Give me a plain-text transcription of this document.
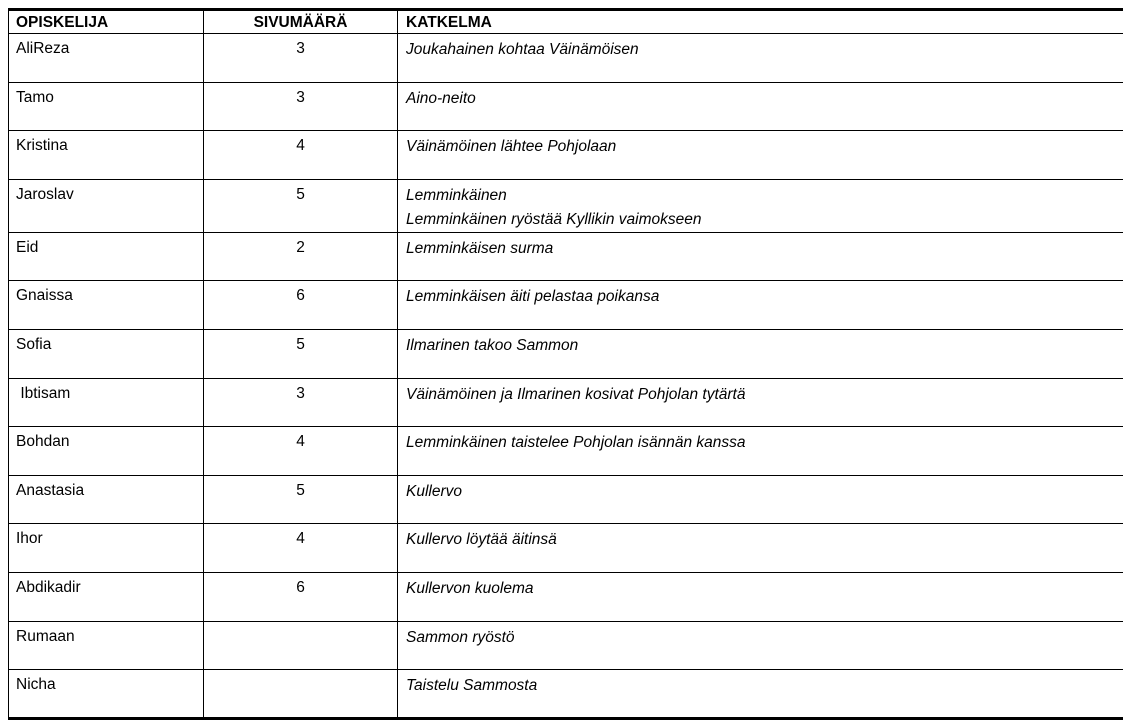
OPISKELIJA	SIVUMÄÄRÄ	KATKELMA
AliReza	3	Joukahainen kohtaa Väinämöisen

Tamo	3	Aino-neito

Kristina	4	Väinämöinen lähtee Pohjolaan

Jaroslav	5	Lemminkäinen
Lemminkäinen ryöstää Kyllikin vaimokseen

Eid	2	Lemminkäisen surma

Gnaissa	6	Lemminkäisen äiti pelastaa poikansa

Sofia	5	Ilmarinen takoo Sammon

Ibtisam	3	Väinämöinen ja Ilmarinen kosivat Pohjolan tytärtä

Bohdan	4	Lemminkäinen taistelee Pohjolan isännän kanssa

Anastasia	5	Kullervo

Ihor	4	Kullervo löytää äitinsä

Abdikadir	6	Kullervon kuolema

Rumaan		Sammon ryöstö

Nicha		Taistelu Sammosta
